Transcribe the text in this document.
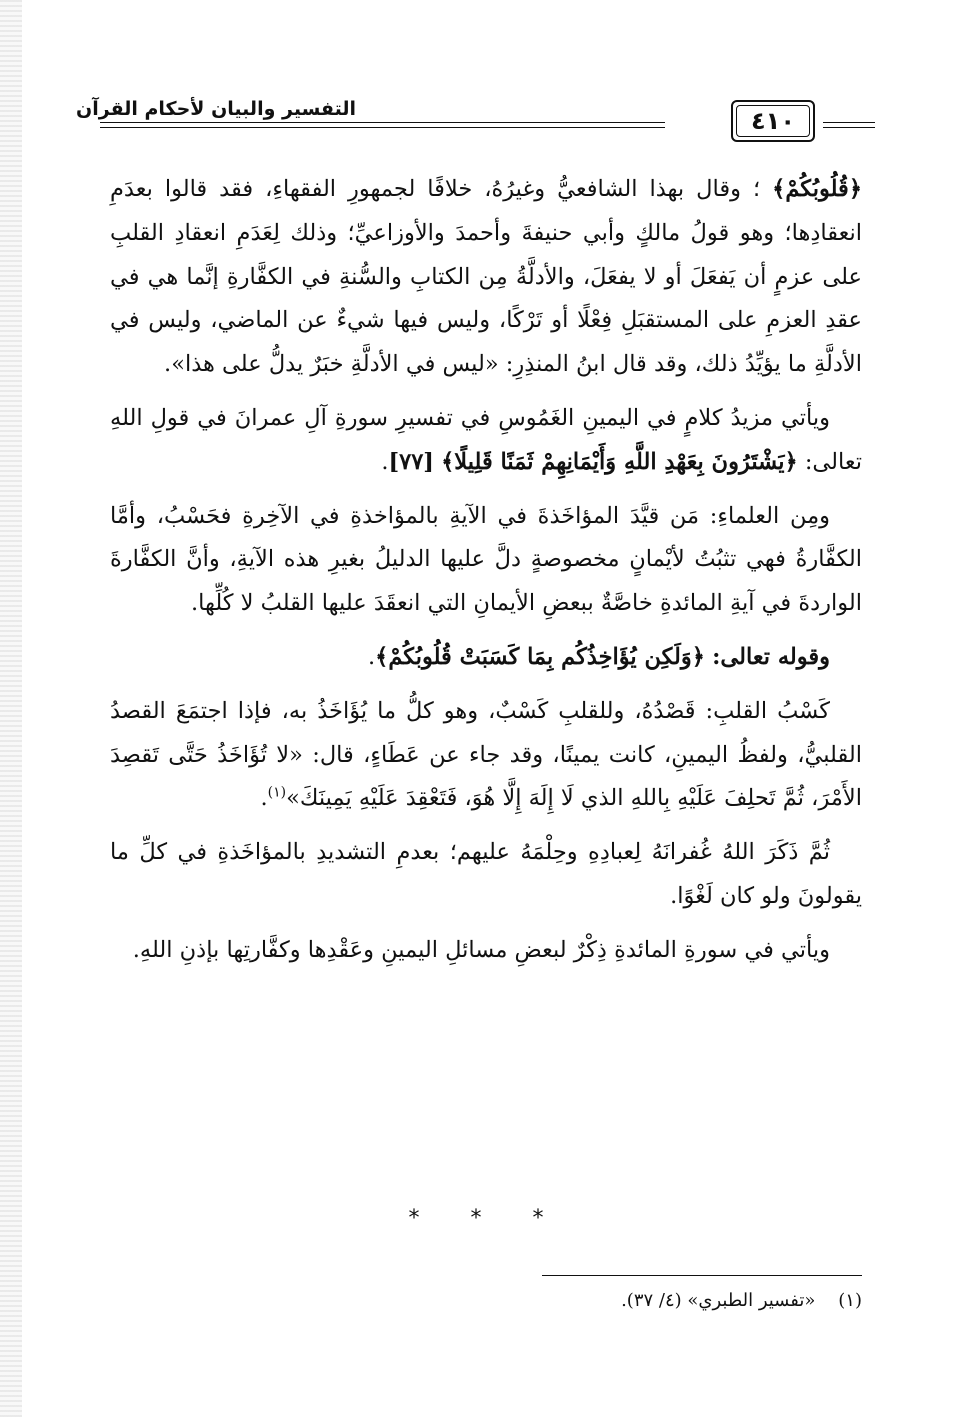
التفسير والبيان لأحكام القرآن	٤١٠

﴿قُلُوبُكُمْ﴾ ؛ وقال بهذا الشافعيُّ وغيرُهُ، خلافًا لجمهورِ الفقهاءِ، فقد قالوا بعدَمِ انعقادِها؛ وهو قولُ مالكٍ وأبي حنيفةَ وأحمدَ والأوزاعيِّ؛ وذلك لِعَدَمِ انعقادِ القلبِ على عزمٍ أن يَفعَلَ أو لا يفعَلَ، والأدلَّةُ مِن الكتابِ والسُّنةِ في الكفَّارةِ إنَّما هي في عقدِ العزمِ على المستقبَلِ فِعْلًا أو تَرْكًا، وليس فيها شيءٌ عن الماضي، وليس في الأدلَّةِ ما يؤيِّدُ ذلك، وقد قال ابنُ المنذِرِ: «ليس في الأدلَّةِ خبَرٌ يدلُّ على هذا».

ويأتي مزيدُ كلامٍ في اليمينِ الغَمُوسِ في تفسيرِ سورةِ آلِ عمرانَ في قولِ اللهِ تعالى: ﴿يَشْتَرُونَ بِعَهْدِ اللَّهِ وَأَيْمَانِهِمْ ثَمَنًا قَلِيلًا﴾ [٧٧].

ومِن العلماءِ: مَن قيَّدَ المؤاخَذةَ في الآيةِ بالمؤاخذةِ في الآخِرةِ فحَسْبُ، وأمَّا الكفَّارةُ فهي تثبُتُ لأيْمانٍ مخصوصةٍ دلَّ عليها الدليلُ بغيرِ هذه الآيةِ، وأنَّ الكفَّارةَ الواردةَ في آيةِ المائدةِ خاصَّةٌ ببعضِ الأيمانِ التي انعقَدَ عليها القلبُ لا كُلِّها.

وقوله تعالى: ﴿وَلَكِن يُؤَاخِذُكُم بِمَا كَسَبَتْ قُلُوبُكُمْ﴾.

كَسْبُ القلبِ: قَصْدُهُ، وللقلبِ كَسْبٌ، وهو كلُّ ما يُؤَاخَذُ به، فإذا اجتمَعَ القصدُ القلبيُّ، ولفظُ اليمينِ، كانت يمينًا، وقد جاء عن عَطَاءٍ، قال: «لا تُؤَاخَذُ حَتَّى تَقصِدَ الأَمْرَ، ثُمَّ تَحلِفَ عَلَيْهِ بِاللهِ الذي لَا إِلَهَ إِلَّا هُوَ، فَتَعْقِدَ عَلَيْهِ يَمِينَكَ»$^{(١)}$.

ثُمَّ ذَكَرَ اللهُ غُفرانَهُ لِعبادِهِ وحِلْمَهُ عليهم؛ بعدمِ التشديدِ بالمؤاخَذةِ في كلِّ ما يقولونَ ولو كان لَغْوًا.

ويأتي في سورةِ المائدةِ ذِكْرٌ لبعضِ مسائلِ اليمينِ وعَقْدِها وكفَّارتِها بإذنِ اللهِ.

* * *
(١)    «تفسير الطبري» (٤/ ٣٧).
